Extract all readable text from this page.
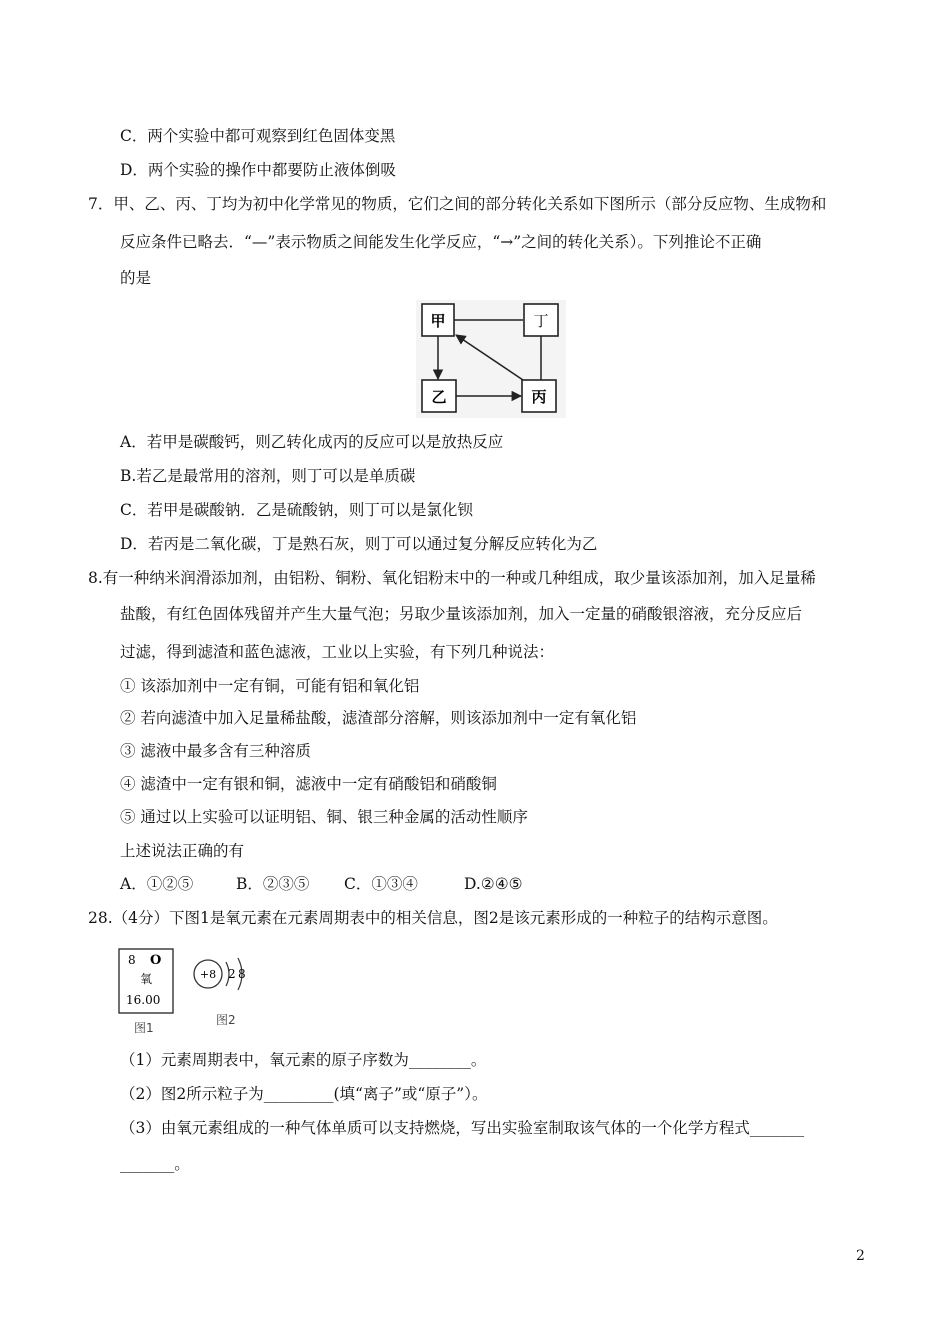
C．两个实验中都可观察到红色固体变黑
D．两个实验的操作中都要防止液体倒吸
7．甲、乙、丙、丁均为初中化学常见的物质，它们之间的部分转化关系如下图所示（部分反应物、生成物和
反应条件已略去．“—”表示物质之间能发生化学反应，“→”之间的转化关系）。下列推论不正确
的是
甲	丁
乙	丙
A．若甲是碳酸钙，则乙转化成丙的反应可以是放热反应
B.若乙是最常用的溶剂，则丁可以是单质碳
C．若甲是碳酸钠．乙是硫酸钠，则丁可以是氯化钡
D．若丙是二氧化碳，丁是熟石灰，则丁可以通过复分解反应转化为乙
8.有一种纳米润滑添加剂，由铝粉、铜粉、氧化铝粉末中的一种或几种组成，取少量该添加剂，加入足量稀
盐酸，有红色固体残留并产生大量气泡；另取少量该添加剂，加入一定量的硝酸银溶液，充分反应后
过滤，得到滤渣和蓝色滤液，工业以上实验，有下列几种说法：
① 该添加剂中一定有铜，可能有铝和氧化铝
② 若向滤渣中加入足量稀盐酸，滤渣部分溶解，则该添加剂中一定有氧化铝
③ 滤液中最多含有三种溶质
④ 滤渣中一定有银和铜，滤液中一定有硝酸铝和硝酸铜
⑤ 通过以上实验可以证明铝、铜、银三种金属的活动性顺序
上述说法正确的有
A．①②⑤	B．②③⑤ C．①③④	D.②④⑤
28.（4分）下图1是氧元素在元素周期表中的相关信息，图2是该元素形成的一种粒子的结构示意图。
8 O
氧
16.00
图1
+8 2 8
图2
（1）元素周期表中，氧元素的原子序数为________。
（2）图2所示粒子为_________(填“离子”或“原子”）。
（3）由氧元素组成的一种气体单质可以支持燃烧，写出实验室制取该气体的一个化学方程式_______
_______。
2
